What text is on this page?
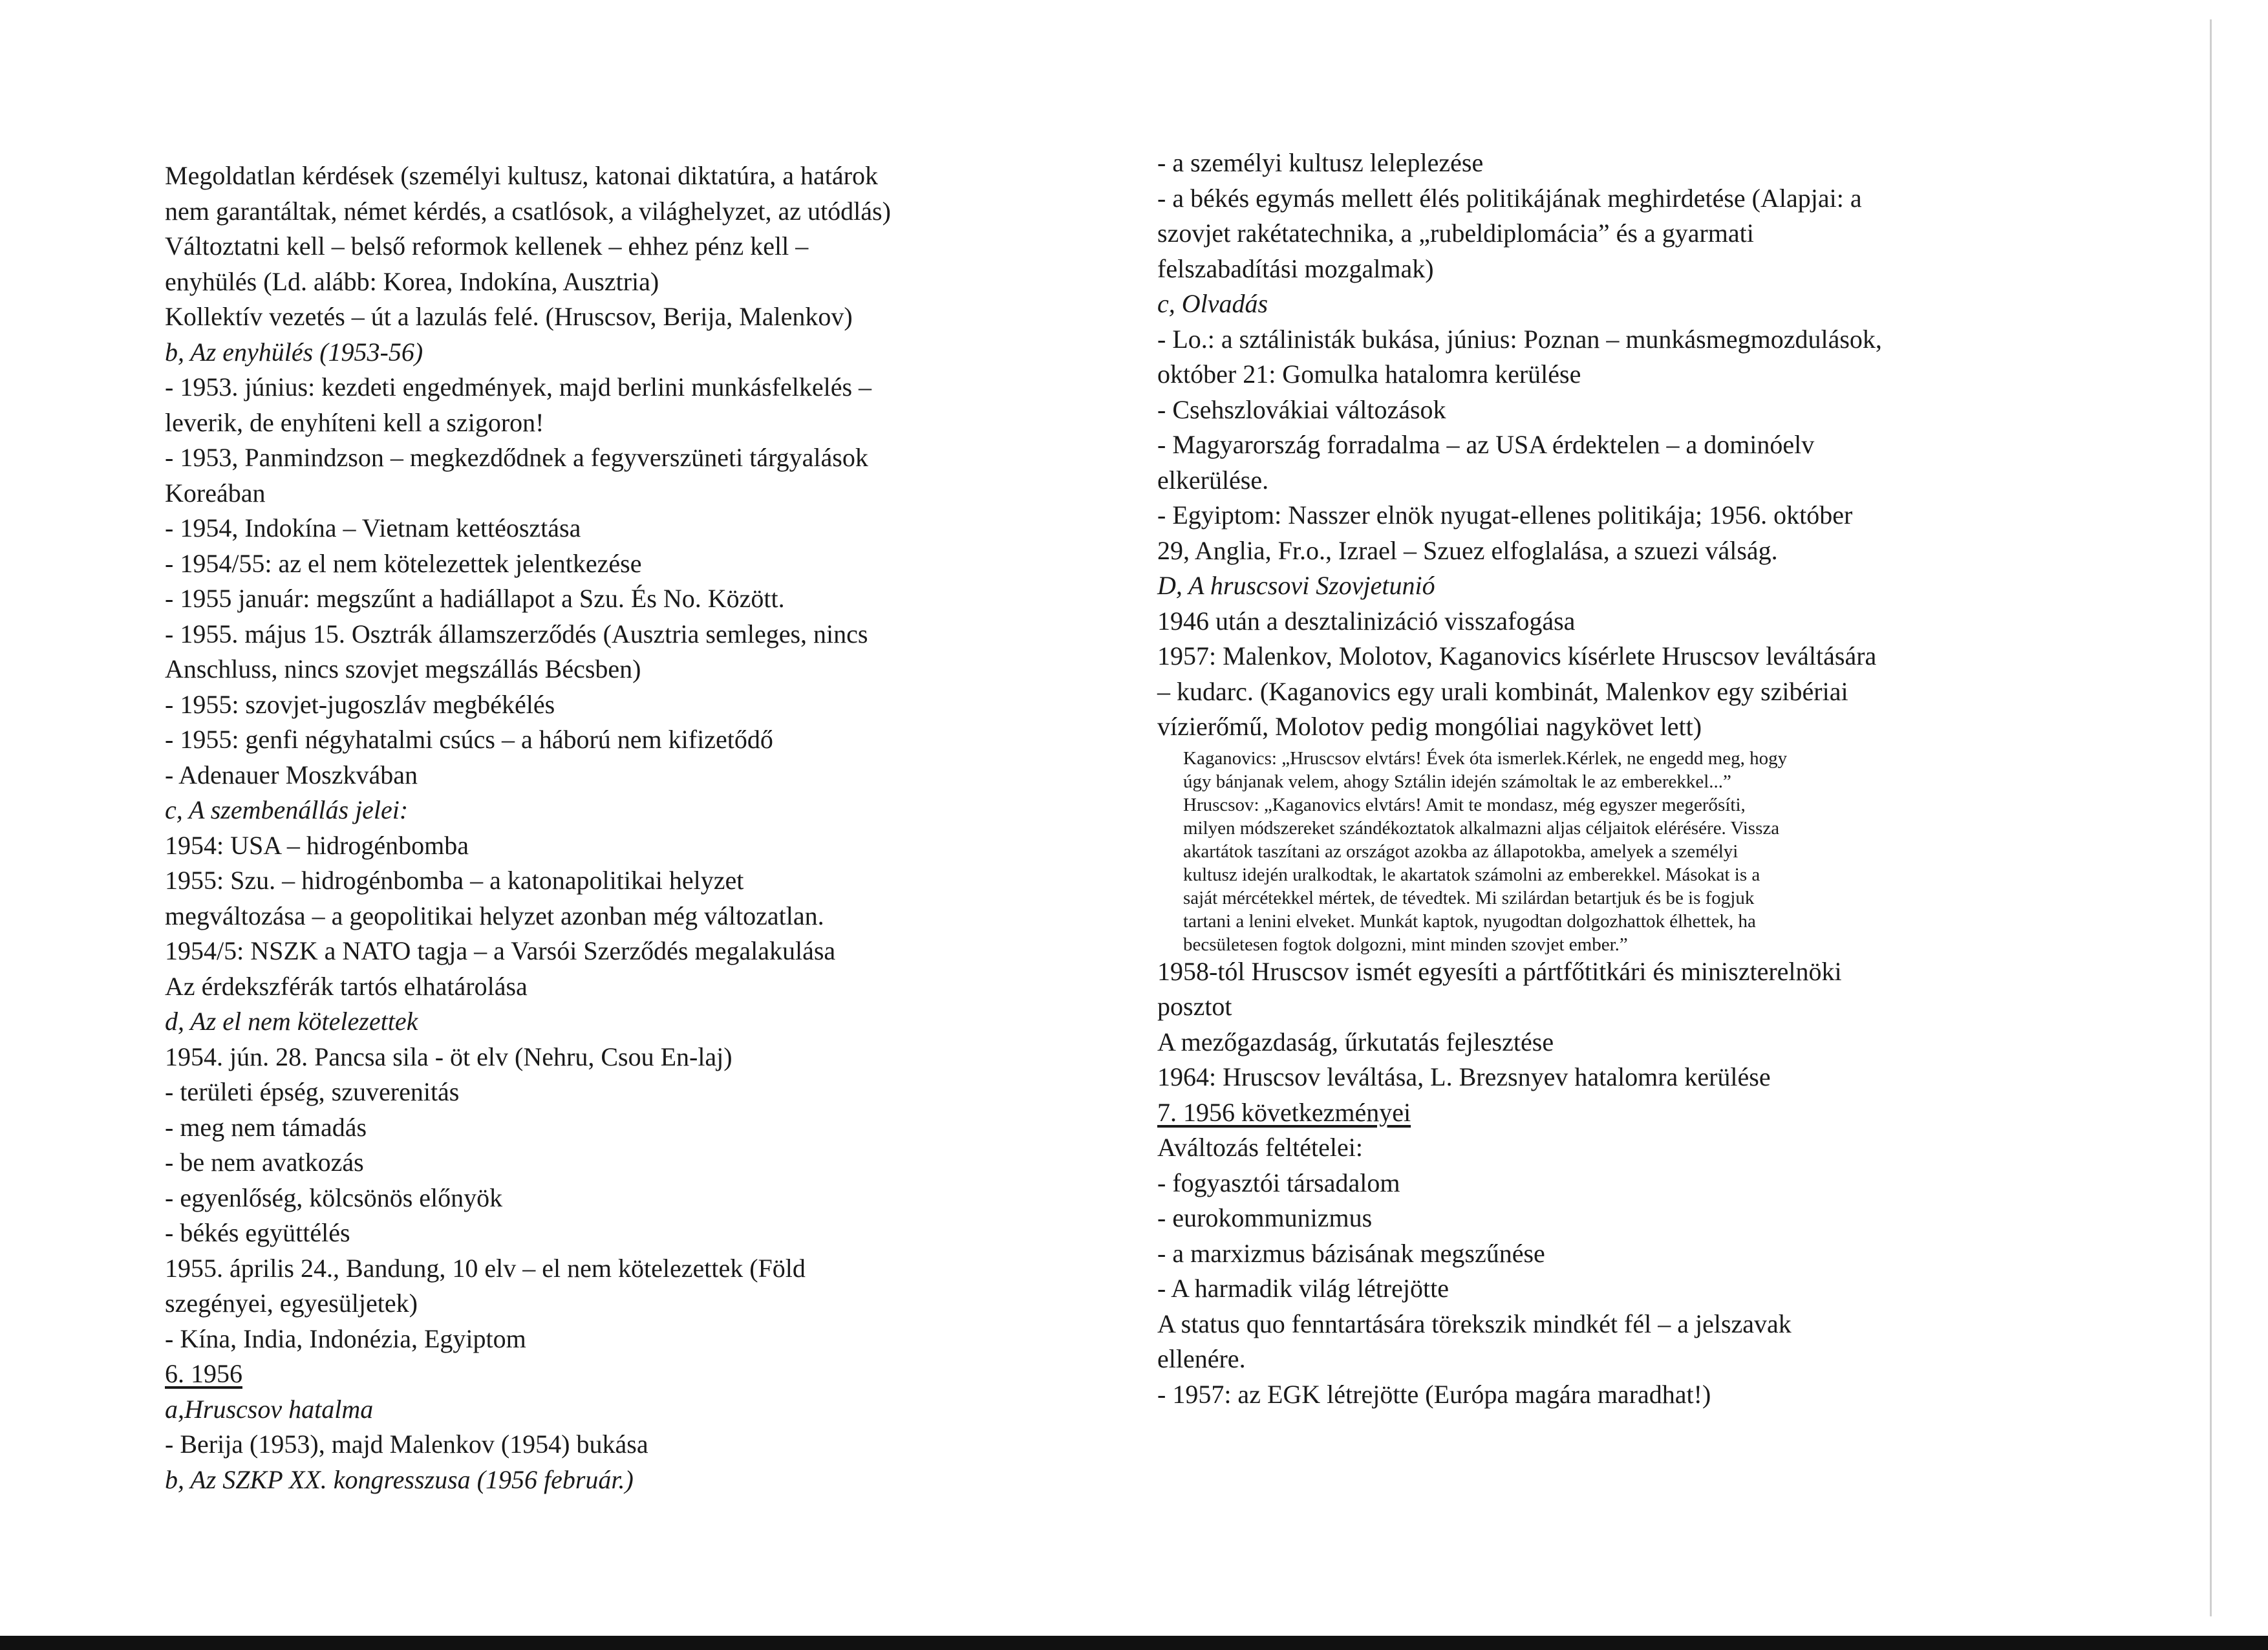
Megoldatlan kérdések (személyi kultusz, katonai diktatúra, a határok
nem garantáltak, német kérdés, a csatlósok, a világhelyzet, az utódlás)
Változtatni kell – belső reformok kellenek – ehhez pénz kell –
enyhülés (Ld. alább: Korea, Indokína, Ausztria)
Kollektív vezetés – út a lazulás felé. (Hruscsov, Berija, Malenkov)
b, Az enyhülés (1953-56)
- 1953. június: kezdeti engedmények, majd berlini munkásfelkelés –
leverik, de enyhíteni kell a szigoron!
- 1953, Panmindzson – megkezdődnek a fegyverszüneti tárgyalások
Koreában
- 1954, Indokína – Vietnam kettéosztása
- 1954/55: az el nem kötelezettek jelentkezése
- 1955 január: megszűnt a hadiállapot a Szu. És No. Között.
- 1955. május 15. Osztrák államszerződés (Ausztria semleges, nincs
Anschluss, nincs szovjet megszállás Bécsben)
- 1955: szovjet-jugoszláv megbékélés
- 1955: genfi négyhatalmi csúcs – a háború nem kifizetődő
- Adenauer Moszkvában
c, A szembenállás jelei:
1954: USA – hidrogénbomba
1955: Szu. – hidrogénbomba – a katonapolitikai helyzet
megváltozása – a geopolitikai helyzet azonban még változatlan.
1954/5: NSZK a NATO tagja – a Varsói Szerződés megalakulása
Az érdekszférák tartós elhatárolása
d, Az el nem kötelezettek
1954. jún. 28. Pancsa sila - öt elv (Nehru, Csou En-laj)
- területi épség, szuverenitás
- meg nem támadás
- be nem avatkozás
- egyenlőség, kölcsönös előnyök
- békés együttélés
1955. április 24., Bandung, 10 elv – el nem kötelezettek (Föld
szegényei, egyesüljetek)
- Kína, India, Indonézia, Egyiptom
6. 1956
a,Hruscsov hatalma
- Berija (1953), majd Malenkov (1954) bukása
b, Az SZKP XX. kongresszusa (1956 február.)
- a személyi kultusz leleplezése
- a békés egymás mellett élés politikájának meghirdetése (Alapjai: a
szovjet rakétatechnika, a „rubeldiplomácia” és a gyarmati
felszabadítási mozgalmak)
c, Olvadás
- Lo.: a sztálinisták bukása, június: Poznan – munkásmegmozdulások,
október 21: Gomulka hatalomra kerülése
- Csehszlovákiai változások
- Magyarország forradalma – az USA érdektelen – a dominóelv
elkerülése.
- Egyiptom: Nasszer elnök nyugat-ellenes politikája; 1956. október
29, Anglia, Fr.o., Izrael – Szuez elfoglalása, a szuezi válság.
D, A hruscsovi Szovjetunió
1946 után a desztalinizáció visszafogása
1957: Malenkov, Molotov, Kaganovics kísérlete Hruscsov leváltására
– kudarc. (Kaganovics egy urali kombinát, Malenkov egy szibériai
vízierőmű, Molotov pedig mongóliai nagykövet lett)
Kaganovics: „Hruscsov elvtárs! Évek óta ismerlek.Kérlek, ne engedd meg, hogy
úgy bánjanak velem, ahogy Sztálin idején számoltak le az emberekkel...”
Hruscsov: „Kaganovics elvtárs! Amit te mondasz, még egyszer megerősíti,
milyen módszereket szándékoztatok alkalmazni aljas céljaitok elérésére. Vissza
akartátok taszítani az országot azokba az állapotokba, amelyek a személyi
kultusz idején uralkodtak, le akartatok számolni az emberekkel. Másokat is a
saját mércétekkel mértek, de tévedtek. Mi szilárdan betartjuk és be is fogjuk
tartani a lenini elveket. Munkát kaptok, nyugodtan dolgozhattok élhettek, ha
becsületesen fogtok dolgozni, mint minden szovjet ember.”
1958-tól Hruscsov ismét egyesíti a pártfőtitkári és miniszterelnöki
posztot
A mezőgazdaság, űrkutatás fejlesztése
1964: Hruscsov leváltása, L. Brezsnyev hatalomra kerülése
7. 1956 következményei
Aváltozás feltételei:
- fogyasztói társadalom
- eurokommunizmus
- a marxizmus bázisának megszűnése
- A harmadik világ létrejötte
A status quo fenntartására törekszik mindkét fél – a jelszavak
ellenére.
- 1957: az EGK létrejötte (Európa magára maradhat!)
